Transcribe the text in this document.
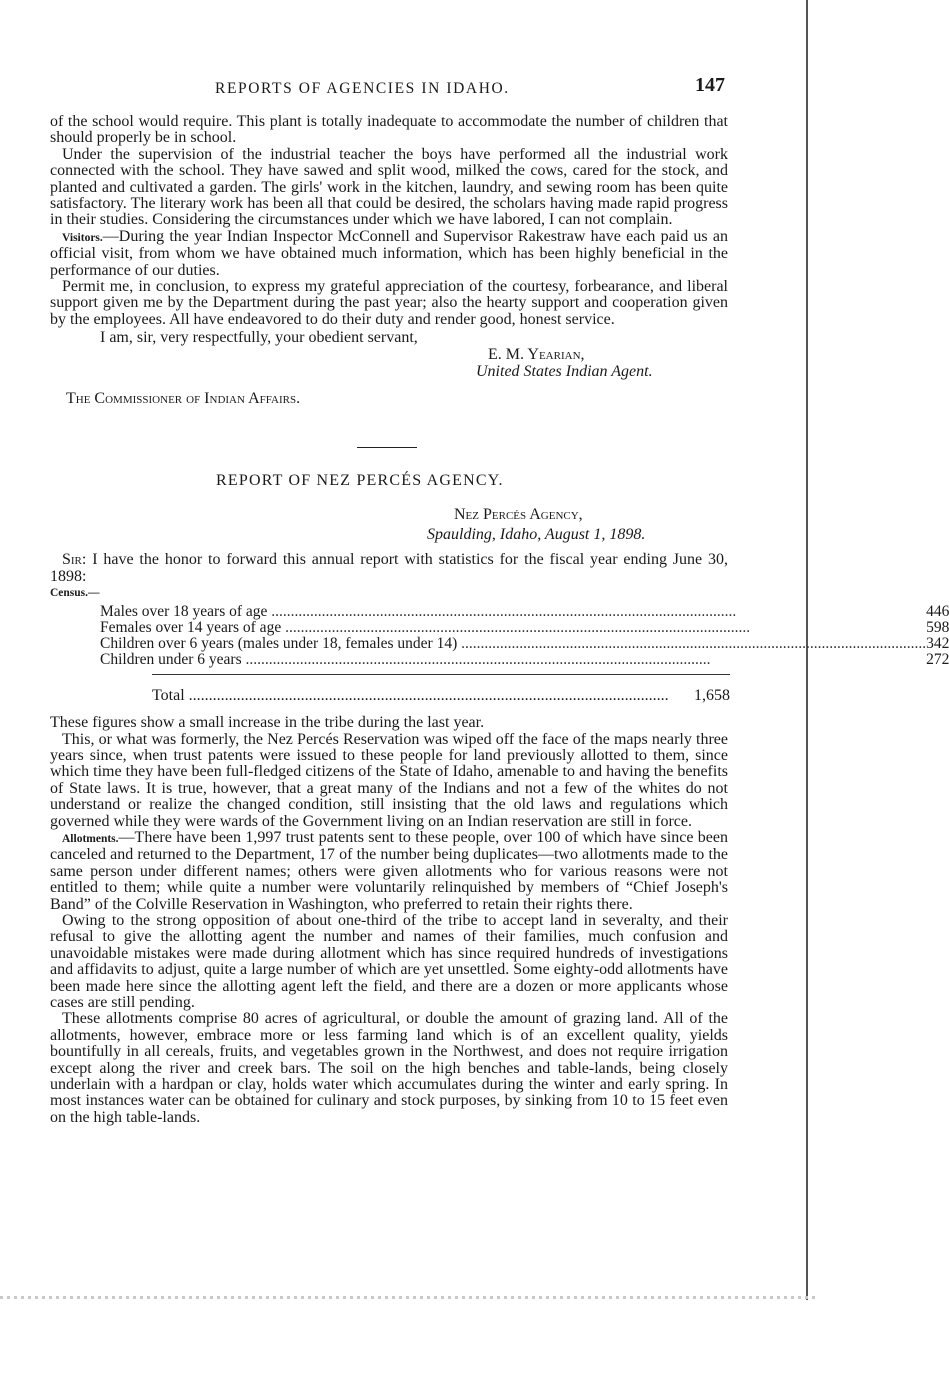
REPORTS OF AGENCIES IN IDAHO.	147

of the school would require. This plant is totally inadequate to accommodate the number of children that should properly be in school.

Under the supervision of the industrial teacher the boys have performed all the industrial work connected with the school. They have sawed and split wood, milked the cows, cared for the stock, and planted and cultivated a garden. The girls' work in the kitchen, laundry, and sewing room has been quite satisfactory. The literary work has been all that could be desired, the scholars having made rapid progress in their studies. Considering the circumstances under which we have labored, I can not complain.

Visitors.—During the year Indian Inspector McConnell and Supervisor Rakestraw have each paid us an official visit, from whom we have obtained much information, which has been highly beneficial in the performance of our duties.

Permit me, in conclusion, to express my grateful appreciation of the courtesy, forbearance, and liberal support given me by the Department during the past year; also the hearty support and cooperation given by the employees. All have endeavored to do their duty and render good, honest service.

I am, sir, very respectfully, your obedient servant,
E. M. Yearian,
United States Indian Agent.
The Commissioner of Indian Affairs.
REPORT OF NEZ PERCÉS AGENCY.
Nez Percés Agency,
Spaulding, Idaho, August 1, 1898.

Sir: I have the honor to forward this annual report with statistics for the fiscal year ending June 30, 1898:

Census.—
Males over 18 years of age .....	446
Females over 14 years of age .....	598
Children over 6 years (males under 18, females under 14) .....	342
Children under 6 years .....	272
Total .....	1,658

These figures show a small increase in the tribe during the last year.

This, or what was formerly, the Nez Percés Reservation was wiped off the face of the maps nearly three years since, when trust patents were issued to these people for land previously allotted to them, since which time they have been full-fledged citizens of the State of Idaho, amenable to and having the benefits of State laws. It is true, however, that a great many of the Indians and not a few of the whites do not understand or realize the changed condition, still insisting that the old laws and regulations which governed while they were wards of the Government living on an Indian reservation are still in force.

Allotments.—There have been 1,997 trust patents sent to these people, over 100 of which have since been canceled and returned to the Department, 17 of the number being duplicates—two allotments made to the same person under different names; others were given allotments who for various reasons were not entitled to them; while quite a number were voluntarily relinquished by members of “Chief Joseph's Band” of the Colville Reservation in Washington, who preferred to retain their rights there.

Owing to the strong opposition of about one-third of the tribe to accept land in severalty, and their refusal to give the allotting agent the number and names of their families, much confusion and unavoidable mistakes were made during allotment which has since required hundreds of investigations and affidavits to adjust, quite a large number of which are yet unsettled. Some eighty-odd allotments have been made here since the allotting agent left the field, and there are a dozen or more applicants whose cases are still pending.

These allotments comprise 80 acres of agricultural, or double the amount of grazing land. All of the allotments, however, embrace more or less farming land which is of an excellent quality, yields bountifully in all cereals, fruits, and vegetables grown in the Northwest, and does not require irrigation except along the river and creek bars. The soil on the high benches and table-lands, being closely underlain with a hardpan or clay, holds water which accumulates during the winter and early spring. In most instances water can be obtained for culinary and stock purposes, by sinking from 10 to 15 feet even on the high table-lands.
